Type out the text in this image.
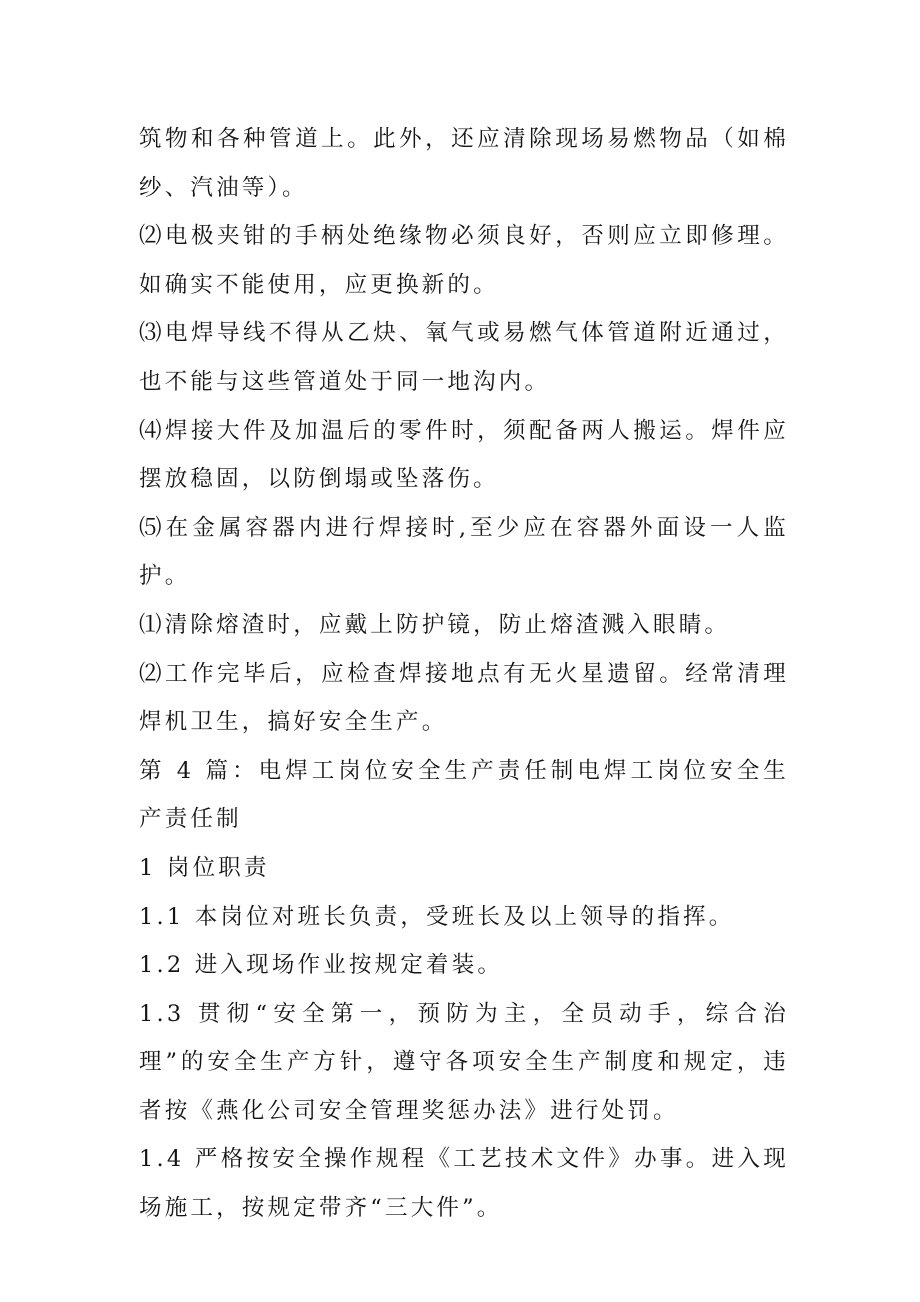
筑物和各种管道上。此外，还应清除现场易燃物品（如棉纱、汽油等）。

⑵电极夹钳的手柄处绝缘物必须良好，否则应立即修理。如确实不能使用，应更换新的。

⑶电焊导线不得从乙炔、氧气或易燃气体管道附近通过，也不能与这些管道处于同一地沟内。

⑷焊接大件及加温后的零件时，须配备两人搬运。焊件应摆放稳固，以防倒塌或坠落伤。

⑸在金属容器内进行焊接时,至少应在容器外面设一人监护。

⑴清除熔渣时，应戴上防护镜，防止熔渣溅入眼睛。

⑵工作完毕后，应检查焊接地点有无火星遗留。经常清理焊机卫生，搞好安全生产。

第 4 篇：电焊工岗位安全生产责任制电焊工岗位安全生产责任制

1 岗位职责

1.1 本岗位对班长负责，受班长及以上领导的指挥。

1.2 进入现场作业按规定着装。

1.3 贯彻“安全第一，预防为主，全员动手，综合治理”的安全生产方针，遵守各项安全生产制度和规定，违者按《燕化公司安全管理奖惩办法》进行处罚。

1.4 严格按安全操作规程《工艺技术文件》办事。进入现场施工，按规定带齐“三大件”。
